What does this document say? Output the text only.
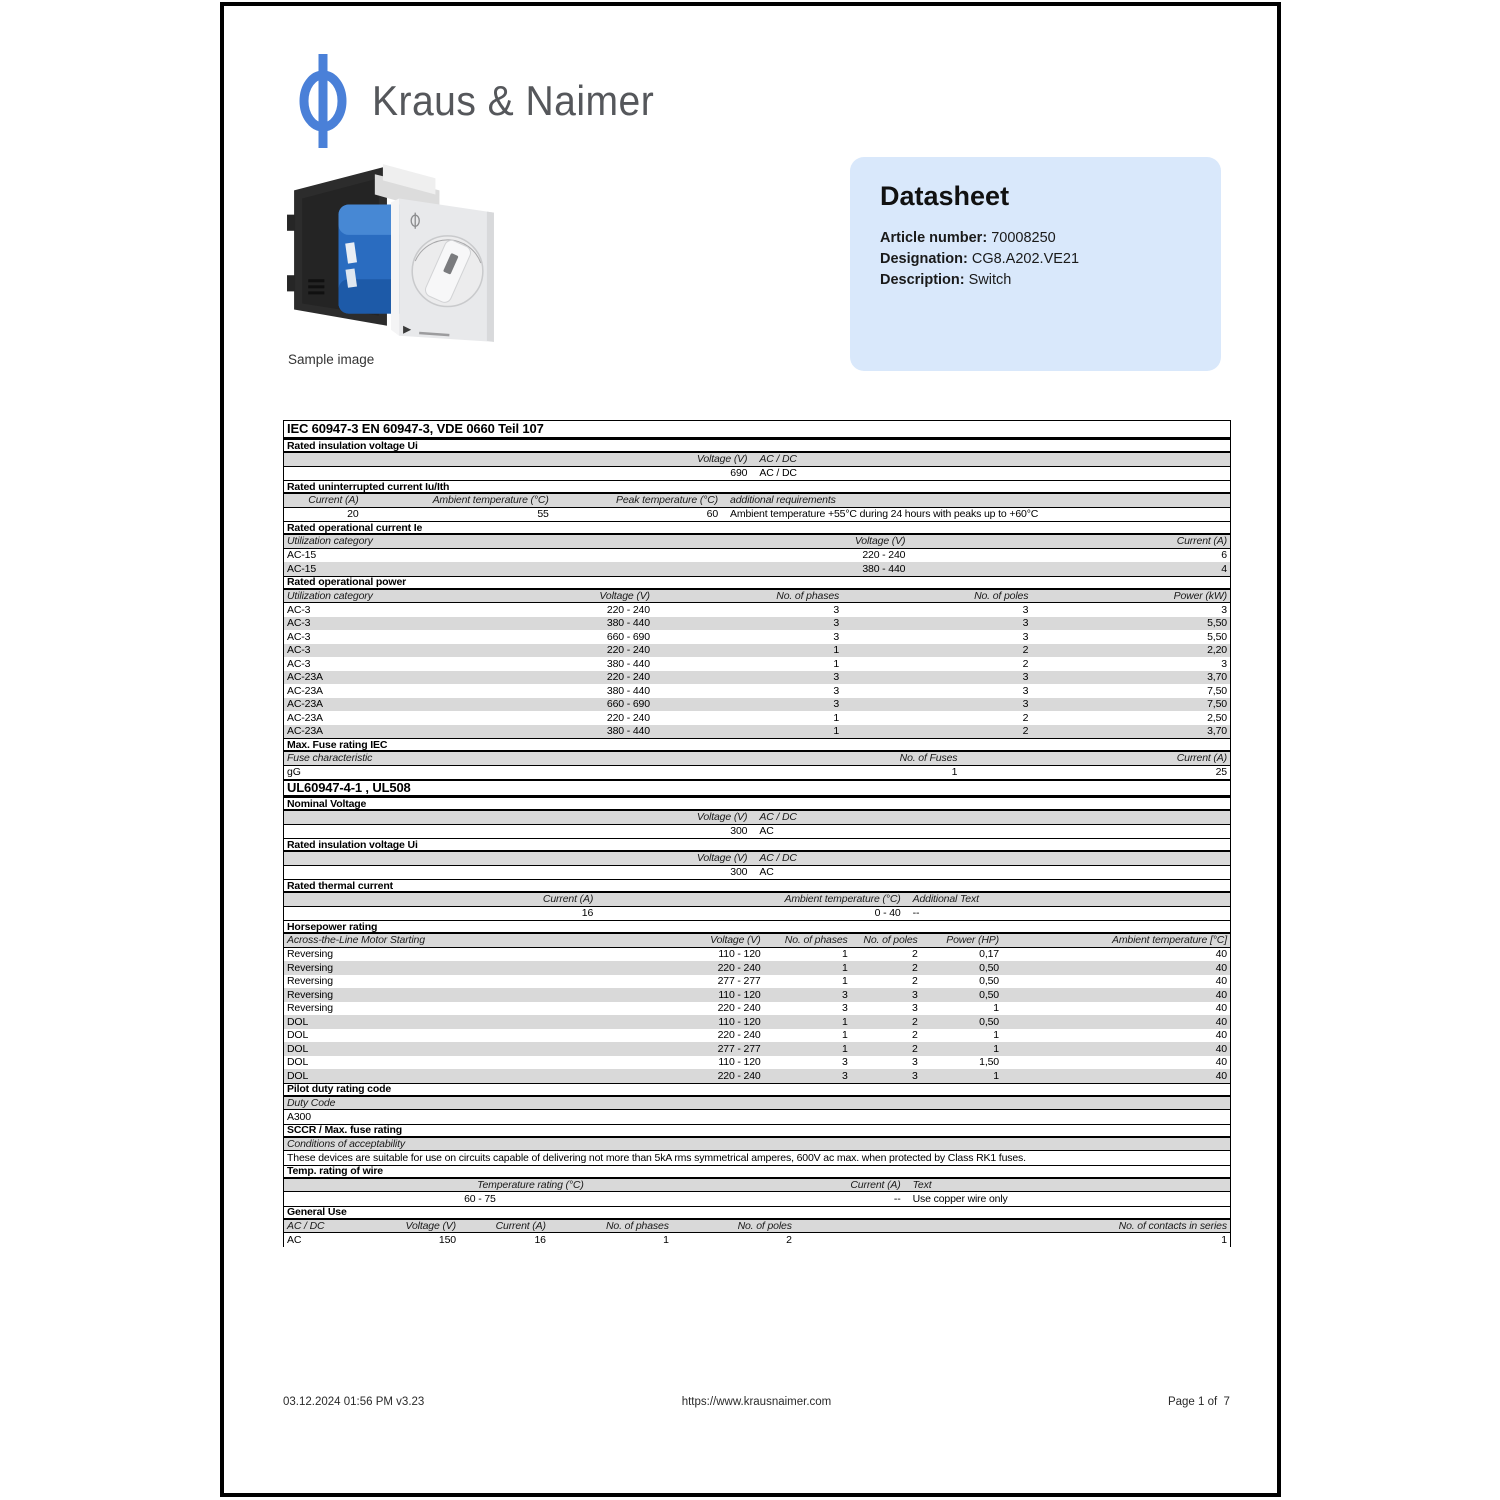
Kraus & Naimer
Sample image
Datasheet
Article number: 70008250
Designation: CG8.A202.VE21
Description: Switch
IEC 60947-3 EN 60947-3, VDE 0660 Teil 107
Rated insulation voltage Ui
Voltage (V)	AC / DC
690	AC / DC
Rated uninterrupted current Iu/Ith
Current (A)	Ambient temperature (°C)	Peak temperature (°C)	additional requirements
20	55	60	Ambient temperature +55°C during 24 hours with peaks up to +60°C
Rated operational current Ie
Utilization category	Voltage (V)	Current (A)
AC-15	220 - 240	6
AC-15	380 - 440	4
Rated operational power
Utilization category	Voltage (V)	No. of phases	No. of poles	Power (kW)
AC-3	220 - 240	3	3	3
AC-3	380 - 440	3	3	5,50
AC-3	660 - 690	3	3	5,50
AC-3	220 - 240	1	2	2,20
AC-3	380 - 440	1	2	3
AC-23A	220 - 240	3	3	3,70
AC-23A	380 - 440	3	3	7,50
AC-23A	660 - 690	3	3	7,50
AC-23A	220 - 240	1	2	2,50
AC-23A	380 - 440	1	2	3,70
Max. Fuse rating IEC
Fuse characteristic	No. of Fuses	Current (A)
gG	1	25
UL60947-4-1 , UL508
Nominal Voltage
Voltage (V)	AC / DC
300	AC
Rated insulation voltage Ui
Voltage (V)	AC / DC
300	AC
Rated thermal current
Current (A)	Ambient temperature (°C)	Additional Text
16	0 - 40	--
Horsepower rating
Across-the-Line Motor Starting	Voltage (V)	No. of phases	No. of poles	Power (HP)	Ambient temperature [°C]
Reversing	110 - 120	1	2	0,17	40
Reversing	220 - 240	1	2	0,50	40
Reversing	277 - 277	1	2	0,50	40
Reversing	110 - 120	3	3	0,50	40
Reversing	220 - 240	3	3	1	40
DOL	110 - 120	1	2	0,50	40
DOL	220 - 240	1	2	1	40
DOL	277 - 277	1	2	1	40
DOL	110 - 120	3	3	1,50	40
DOL	220 - 240	3	3	1	40
Pilot duty rating code
Duty Code
A300
SCCR / Max. fuse rating
Conditions of acceptability
These devices are suitable for use on circuits capable of delivering not more than 5kA rms symmetrical amperes, 600V ac max. when protected by Class RK1 fuses.
Temp. rating of wire
Temperature rating (°C)	Current (A)	Text
60 - 75	--	Use copper wire only
General Use
AC / DC	Voltage (V)	Current (A)	No. of phases	No. of poles	No. of contacts in series
AC	150	16	1	2	1
03.12.2024 01:56 PM v3.23	https://www.krausnaimer.com	Page 1 of  7
